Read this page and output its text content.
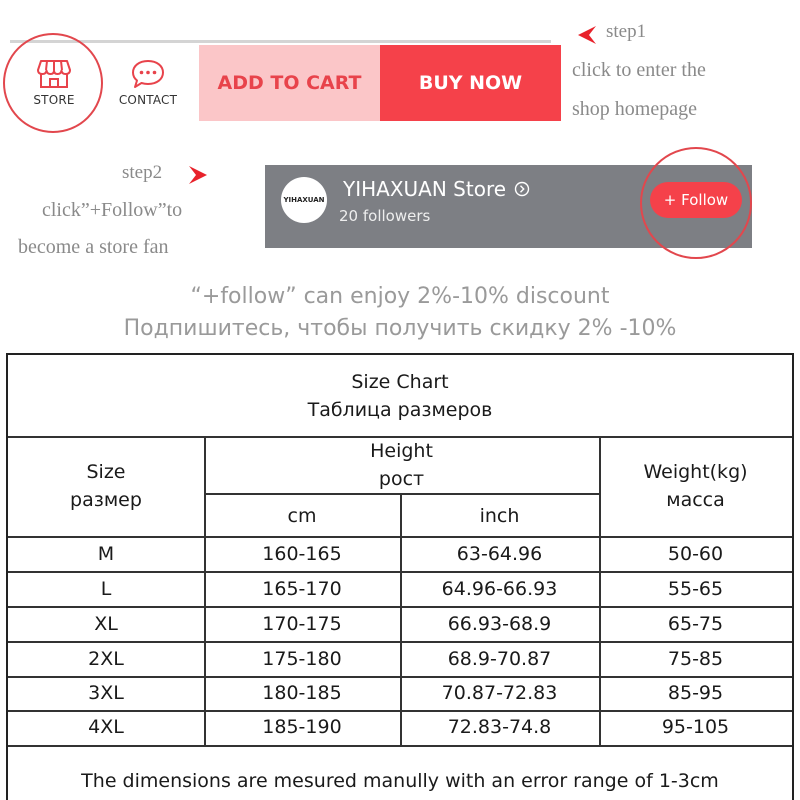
STORE	CONTACT
ADD TO CART	BUY NOW
step1
click to enter the
shop homepage
step2
click”+Follow”to
become a store fan
YIHAXUAN YIHAXUAN Store
20 followers
+ Follow
“+follow” can enjoy 2%-10% discount
Подпишитесь, чтобы получить скидку 2% -10%
Size Chart
Таблица размеров
Size
размер
Height
рост
cm	inch
Weight(kg)
масса
M	160-165	63-64.96	50-60
L	165-170	64.96-66.93	55-65
XL	170-175	66.93-68.9	65-75
2XL	175-180	68.9-70.87	75-85
3XL	180-185	70.87-72.83	85-95
4XL	185-190	72.83-74.8	95-105
The dimensions are mesured manully with an error range of 1-3cm
